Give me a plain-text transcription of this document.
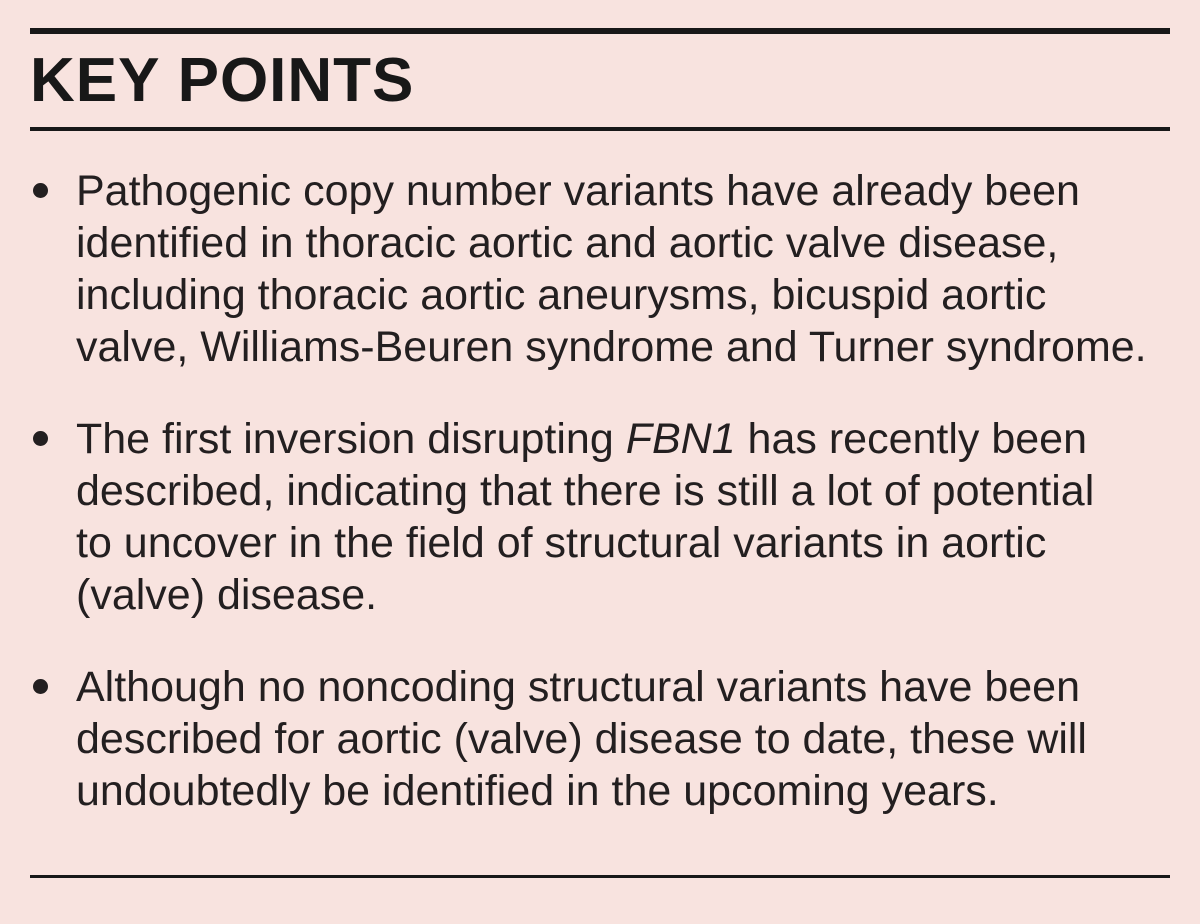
KEY POINTS
Pathogenic copy number variants have already been
identified in thoracic aortic and aortic valve disease,
including thoracic aortic aneurysms, bicuspid aortic
valve, Williams-Beuren syndrome and Turner syndrome.
The first inversion disrupting FBN1 has recently been
described, indicating that there is still a lot of potential
to uncover in the field of structural variants in aortic
(valve) disease.
Although no noncoding structural variants have been
described for aortic (valve) disease to date, these will
undoubtedly be identified in the upcoming years.
